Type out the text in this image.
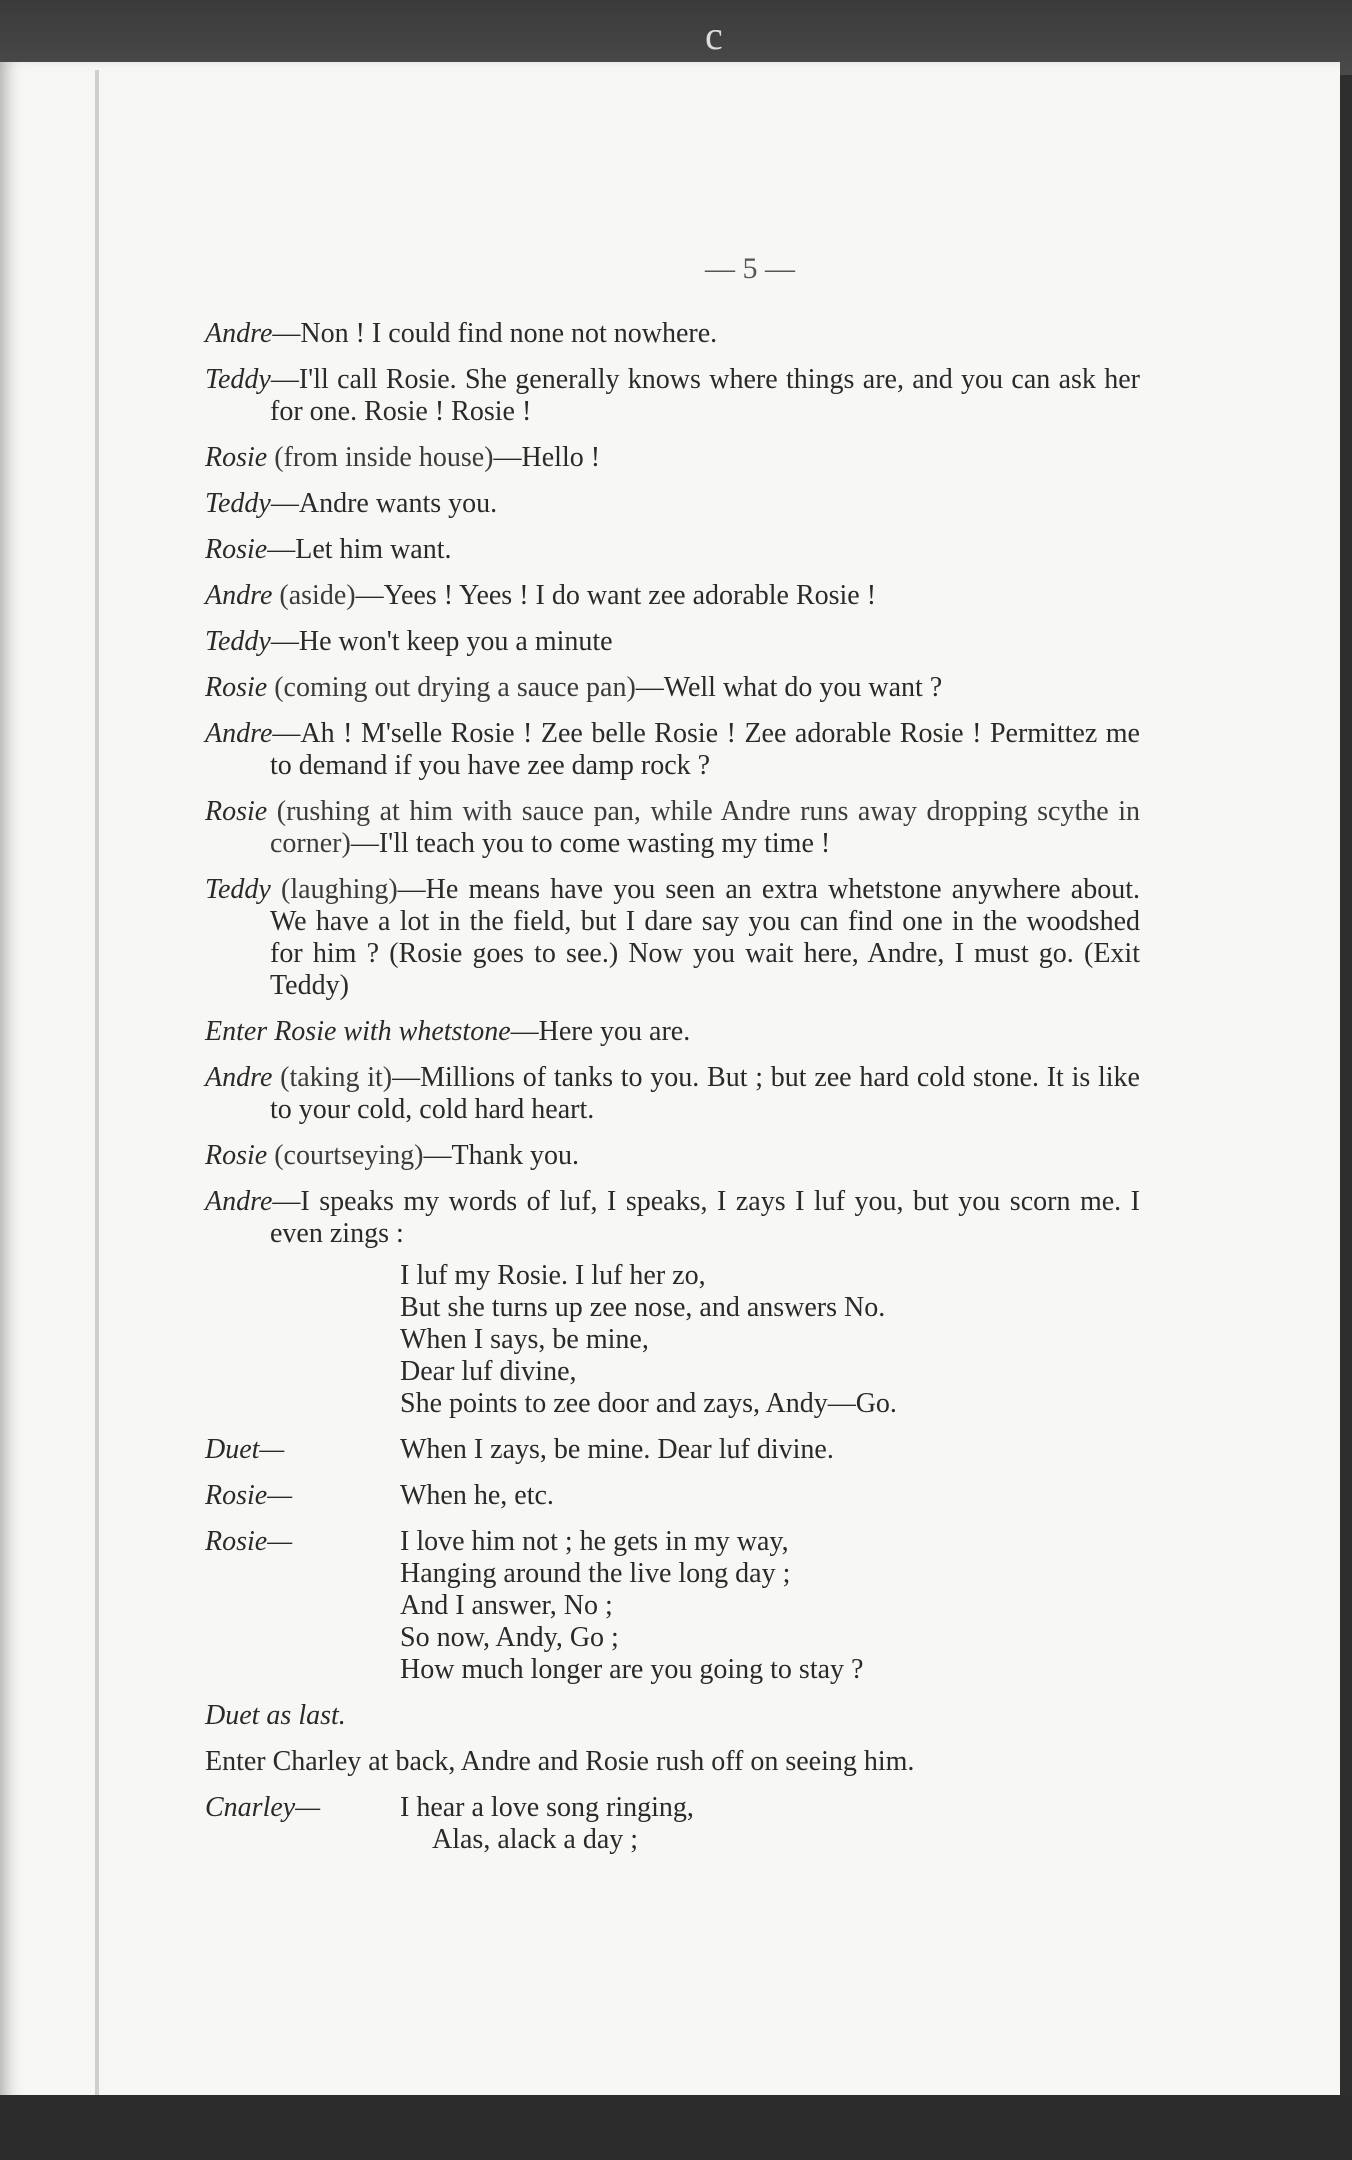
c
— 5 —
Andre—Non ! I could find none not nowhere.
Teddy—I'll call Rosie. She generally knows where things are, and you can ask her for one. Rosie ! Rosie !
Rosie (from inside house)—Hello !
Teddy—Andre wants you.
Rosie—Let him want.
Andre (aside)—Yees ! Yees ! I do want zee adorable Rosie !
Teddy—He won't keep you a minute
Rosie (coming out drying a sauce pan)—Well what do you want ?
Andre—Ah ! M'selle Rosie ! Zee belle Rosie ! Zee adorable Rosie ! Permittez me to demand if you have zee damp rock ?
Rosie (rushing at him with sauce pan, while Andre runs away dropping scythe in corner)—I'll teach you to come wasting my time !
Teddy (laughing)—He means have you seen an extra whetstone anywhere about. We have a lot in the field, but I dare say you can find one in the woodshed for him ? (Rosie goes to see.) Now you wait here, Andre, I must go. (Exit Teddy)
Enter Rosie with whetstone—Here you are.
Andre (taking it)—Millions of tanks to you. But ; but zee hard cold stone. It is like to your cold, cold hard heart.
Rosie (courtseying)—Thank you.
Andre—I speaks my words of luf, I speaks, I zays I luf you, but you scorn me. I even zings :
I luf my Rosie. I luf her zo,
But she turns up zee nose, and answers No.
When I says, be mine,
Dear luf divine,
She points to zee door and zays, Andy—Go.
Duet—	When I zays, be mine. Dear luf divine.
Rosie—	When he, etc.
Rosie—	I love him not ; he gets in my way,
Hanging around the live long day ;
And I answer, No ;
So now, Andy, Go ;
How much longer are you going to stay ?
Duet as last.
Enter Charley at back, Andre and Rosie rush off on seeing him.
Cnarley—	I hear a love song ringing,
Alas, alack a day ;
